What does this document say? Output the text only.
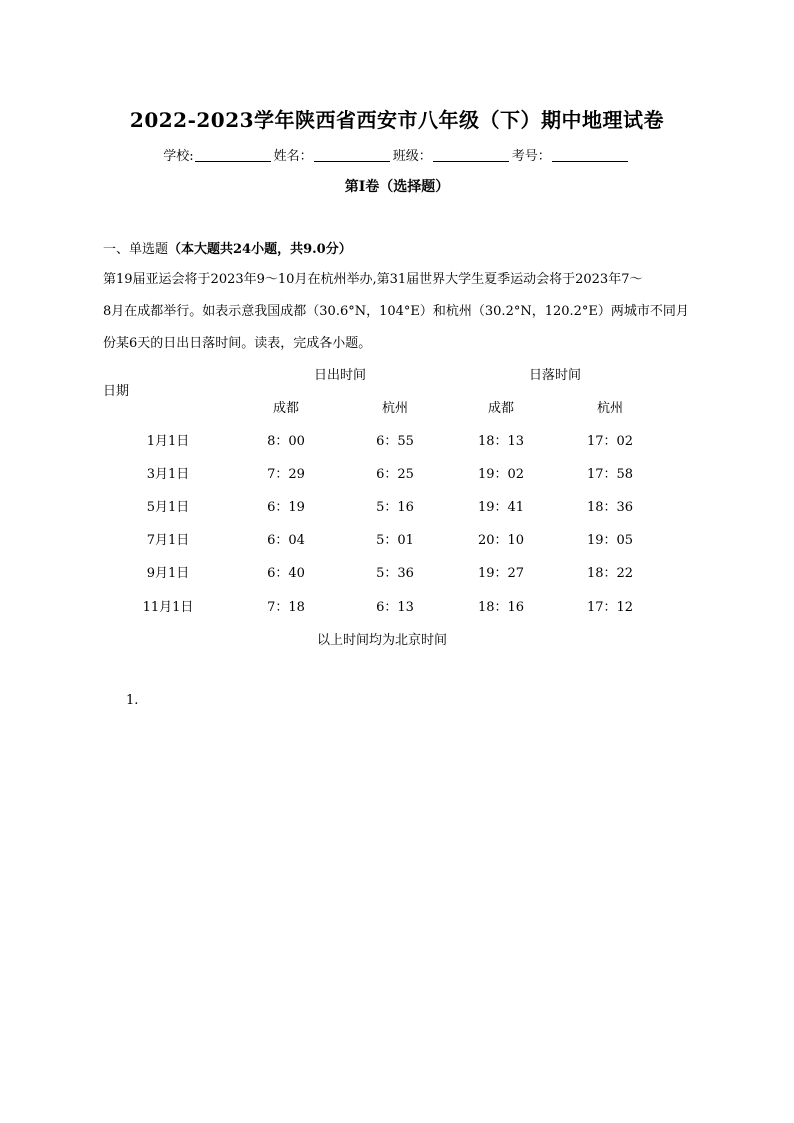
2022-2023学年陕西省西安市八年级（下）期中地理试卷
学校:	姓名：	班级：	考号：
第I卷（选择题）
一、单选题（本大题共24小题，共9.0分）
第19届亚运会将于2023年9～10月在杭州举办,第31届世界大学生夏季运动会将于2023年7～
8月在成都举行。如表示意我国成都（30.6°N，104°E）和杭州（30.2°N，120.2°E）两城市不同月
份某6天的日出日落时间。读表，完成各小题。
日期
日出时间	日落时间
成都	杭州	成都	杭州
1月1日	8：00	6：55	18：13	17：02
3月1日	7：29	6：25	19：02	17：58
5月1日	6：19	5：16	19：41	18：36
7月1日	6：04	5：01	20：10	19：05
9月1日	6：40	5：36	19：27	18：22
11月1日	7：18	6：13	18：16	17：12
以上时间均为北京时间
1.
